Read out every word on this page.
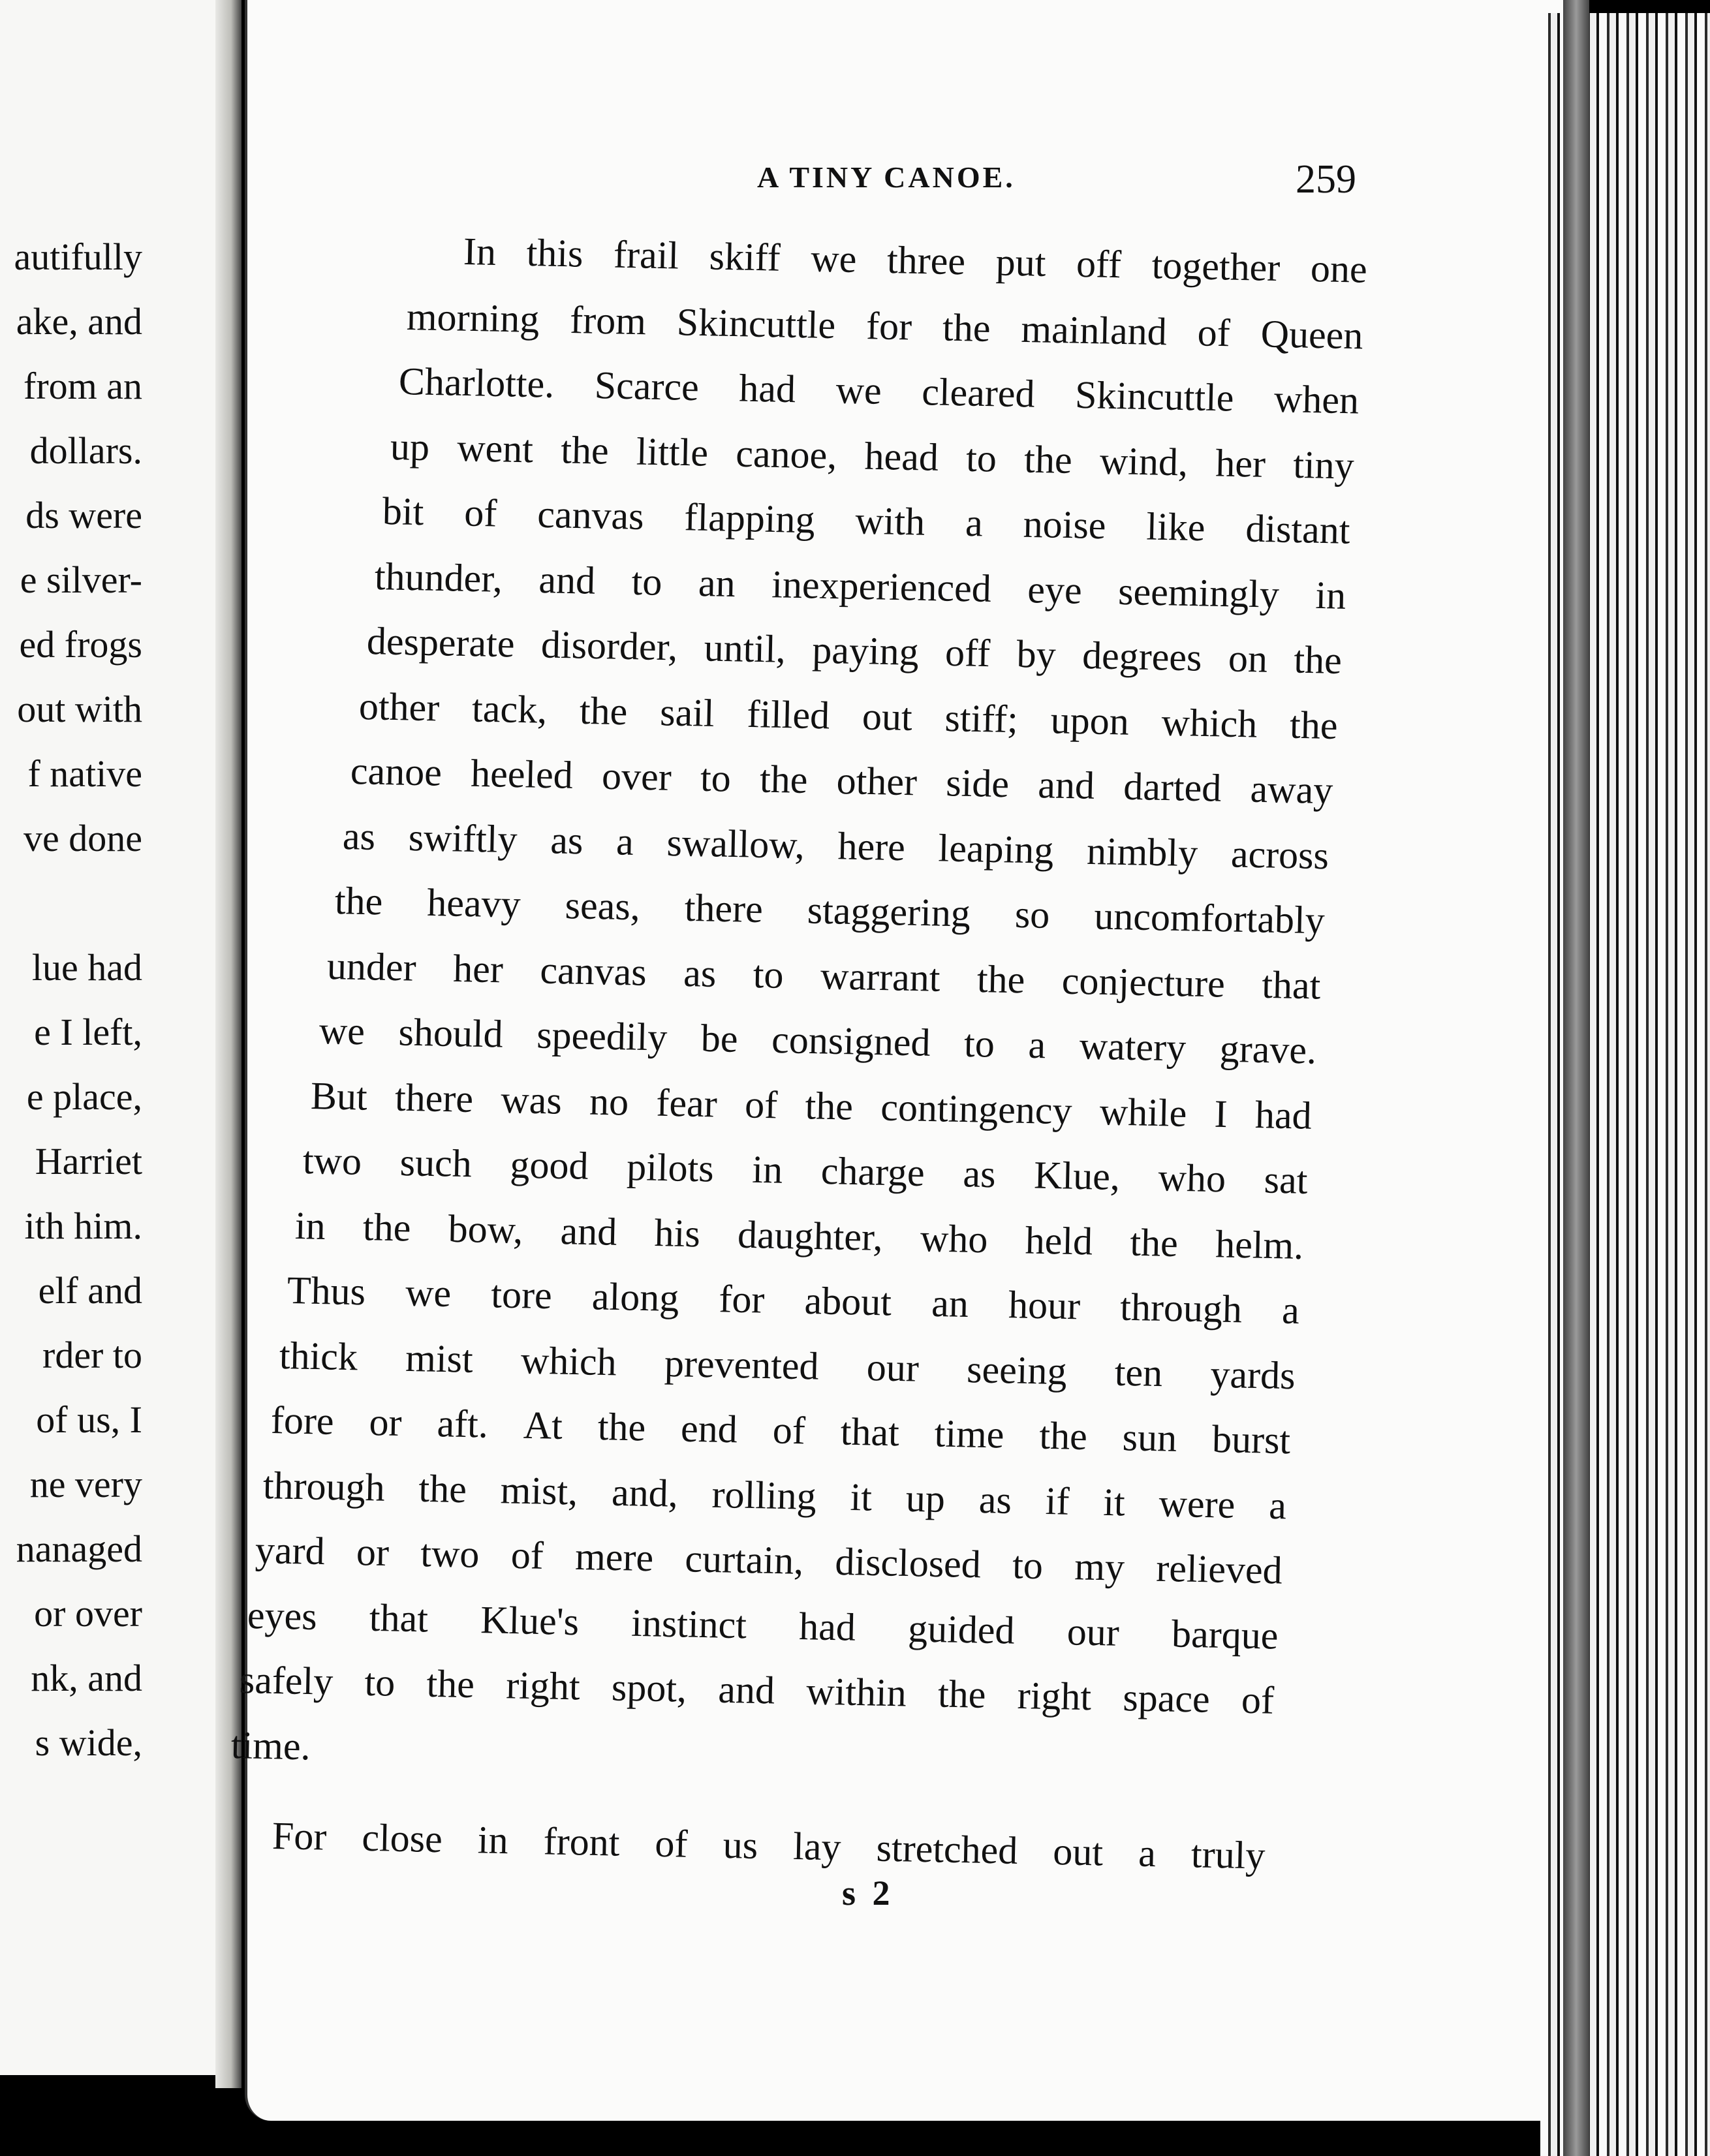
autifully
ake, and
from an
dollars.
ds were
e silver-
ed frogs
out with
f native
ve done
lue had
e I left,
e place,
Harriet
ith him.
elf and
rder to
of us, I
ne very
nanaged
or over
nk, and
s wide,
A TINY CANOE.	259
In this frail skiff we three put off together one
morning from Skincuttle for the mainland of Queen
Charlotte. Scarce had we cleared Skincuttle when
up went the little canoe, head to the wind, her tiny
bit of canvas flapping with a noise like distant
thunder, and to an inexperienced eye seemingly in
desperate disorder, until, paying off by degrees on the
other tack, the sail filled out stiff; upon which the
canoe heeled over to the other side and darted away
as swiftly as a swallow, here leaping nimbly across
the heavy seas, there staggering so uncomfortably
under her canvas as to warrant the conjecture that
we should speedily be consigned to a watery grave.
But there was no fear of the contingency while I had
two such good pilots in charge as Klue, who sat
in the bow, and his daughter, who held the helm.
Thus we tore along for about an hour through a
thick mist which prevented our seeing ten yards
fore or aft. At the end of that time the sun burst
through the mist, and, rolling it up as if it were a
yard or two of mere curtain, disclosed to my relieved
eyes that Klue's instinct had guided our barque
safely to the right spot, and within the right space of
time.
For close in front of us lay stretched out a truly
s 2
